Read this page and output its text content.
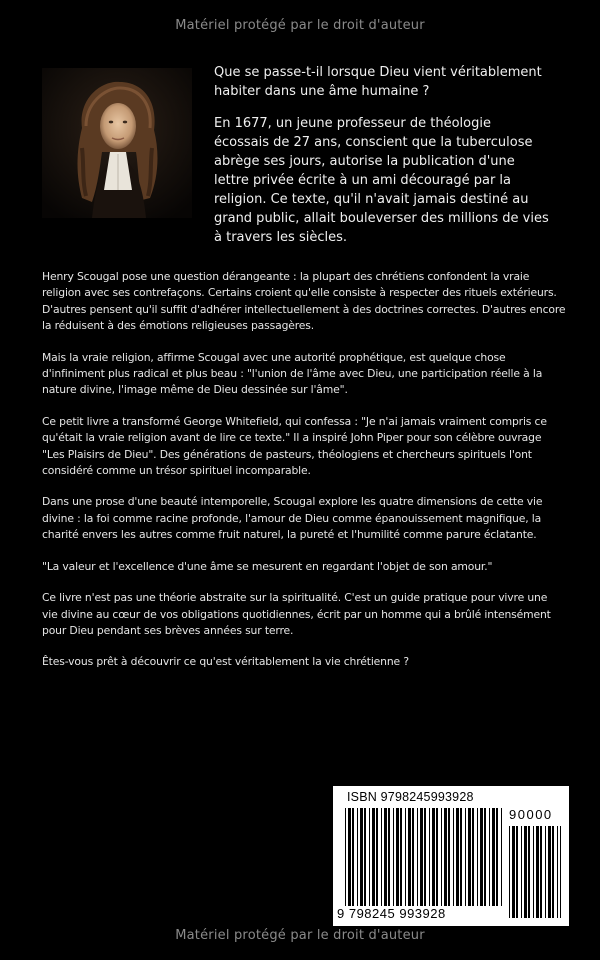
Matériel protégé par le droit d'auteur

Que se passe-t-il lorsque Dieu vient véritablement habiter dans une âme humaine ?

En 1677, un jeune professeur de théologie écossais de 27 ans, conscient que la tuberculose abrège ses jours, autorise la publication d'une lettre privée écrite à un ami découragé par la religion. Ce texte, qu'il n'avait jamais destiné au grand public, allait bouleverser des millions de vies à travers les siècles.

Henry Scougal pose une question dérangeante : la plupart des chrétiens confondent la vraie religion avec ses contrefaçons. Certains croient qu'elle consiste à respecter des rituels extérieurs. D'autres pensent qu'il suffit d'adhérer intellectuellement à des doctrines correctes. D'autres encore la réduisent à des émotions religieuses passagères.

Mais la vraie religion, affirme Scougal avec une autorité prophétique, est quelque chose d'infiniment plus radical et plus beau : "l'union de l'âme avec Dieu, une participation réelle à la nature divine, l'image même de Dieu dessinée sur l'âme".

Ce petit livre a transformé George Whitefield, qui confessa : "Je n'ai jamais vraiment compris ce qu'était la vraie religion avant de lire ce texte." Il a inspiré John Piper pour son célèbre ouvrage "Les Plaisirs de Dieu". Des générations de pasteurs, théologiens et chercheurs spirituels l'ont considéré comme un trésor spirituel incomparable.

Dans une prose d'une beauté intemporelle, Scougal explore les quatre dimensions de cette vie divine : la foi comme racine profonde, l'amour de Dieu comme épanouissement magnifique, la charité envers les autres comme fruit naturel, la pureté et l'humilité comme parure éclatante.

"La valeur et l'excellence d'une âme se mesurent en regardant l'objet de son amour."

Ce livre n'est pas une théorie abstraite sur la spiritualité. C'est un guide pratique pour vivre une vie divine au cœur de vos obligations quotidiennes, écrit par un homme qui a brûlé intensément pour Dieu pendant ses brèves années sur terre.

Êtes-vous prêt à découvrir ce qu'est véritablement la vie chrétienne ?

ISBN 9798245993928
90000
9 798245 993928
Matériel protégé par le droit d'auteur
